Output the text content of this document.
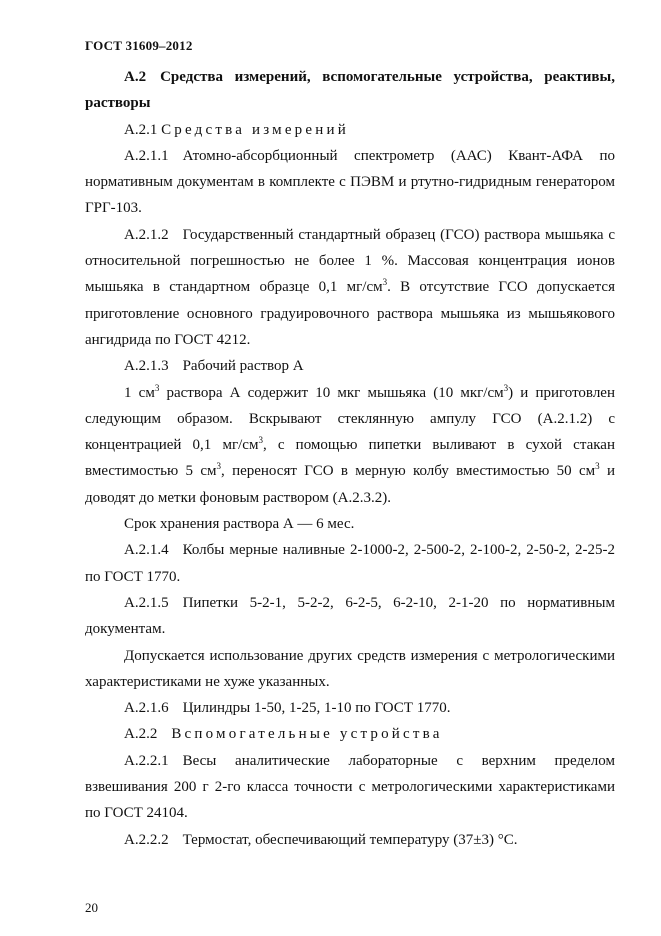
ГОСТ 31609–2012

А.2 Средства измерений, вспомогательные устройства, реактивы, растворы

А.2.1 Средства измерений

А.2.1.1 Атомно-абсорбционный спектрометр (ААС) Квант-АФА по нормативным документам в комплекте с ПЭВМ и ртутно-гидридным генератором ГРГ-103.

А.2.1.2 Государственный стандартный образец (ГСО) раствора мышьяка с относительной погрешностью не более 1 %. Массовая концентрация ионов мышьяка в стандартном образце 0,1 $мг/см^3$. В отсутствие ГСО допускается приготовление основного градуировочного раствора мышьяка из мышьякового ангидрида по ГОСТ 4212.

А.2.1.3 Рабочий раствор А

1 $см^3$ раствора А содержит 10 мкг мышьяка (10 мкг/$см^3$) и приготовлен следующим образом. Вскрывают стеклянную ампулу ГСО (А.2.1.2) с концентрацией 0,1 $мг/см^3$, с помощью пипетки выливают в сухой стакан вместимостью 5 $см^3$, переносят ГСО в мерную колбу вместимостью 50 $см^3$ и доводят до метки фоновым раствором (А.2.3.2).

Срок хранения раствора А — 6 мес.

А.2.1.4 Колбы мерные наливные 2-1000-2, 2-500-2, 2-100-2, 2-50-2, 2-25-2 по ГОСТ 1770.

А.2.1.5 Пипетки 5-2-1, 5-2-2, 6-2-5, 6-2-10, 2-1-20 по нормативным документам.

Допускается использование других средств измерения с метрологическими характеристиками не хуже указанных.

А.2.1.6 Цилиндры 1-50, 1-25, 1-10 по ГОСТ 1770.

А.2.2 Вспомогательные устройства

А.2.2.1 Весы аналитические лабораторные с верхним пределом взвешивания 200 г 2-го класса точности с метрологическими характеристиками по ГОСТ 24104.

А.2.2.2 Термостат, обеспечивающий температуру (37±3) °С.

20
